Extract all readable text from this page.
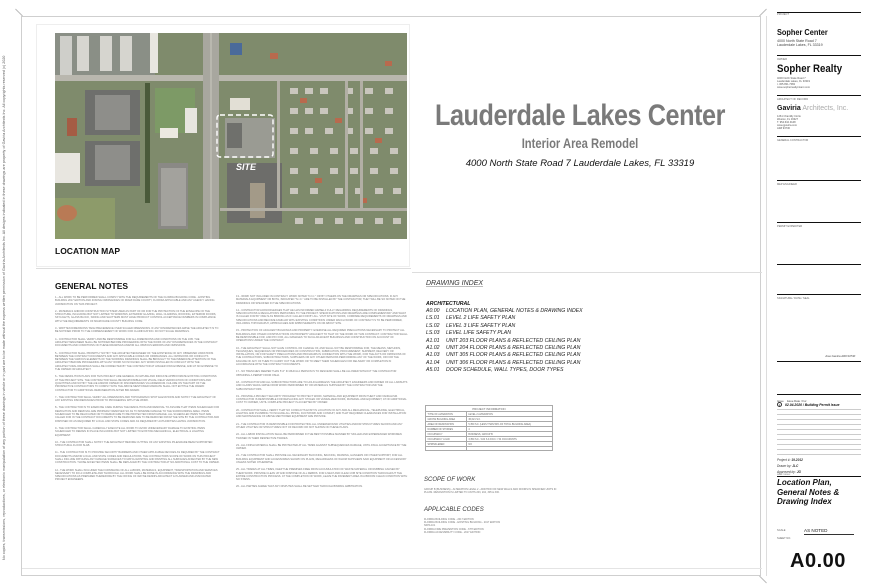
No copies, transmissions, reproductions, or electronic manipulation of any portion of these drawings in whole or in part are to be made without the express written permission of Gaviria Architects Inc. All designs indicated in these drawings are property of Gaviria Architects Inc. All copyrights reserved (c) 2020	SITE
LOCATION MAP
Lauderdale Lakes Center
Interior Area Remodel
4000 North State Road 7 Lauderdale Lakes, FL 33319
GENERAL NOTES

1.- ALL WORK TO BE PERFORMED SHALL COMPLY WITH THE REQUIREMENTS OF THE FLORIDA BUILDING CODE - EXISTING BUILDING 2017 EDITION AND ZONING ORDINANCES OF MIAMI DADE COUNTY, FLORIDA APPLICABLE AND ANY AGENCY HAVING JURISDICTION ON THIS PROJECT.

2.- MATERIALS AND/OR CONSTRUCTION SYSTEM USED AS PART OF OR FOR THE PROTECTION OF THE ENVELOPE OF THE STRUCTURE, INCLUDING BUT NOT LIMITED TO WINDOWS, EXTERIOR GLAZING, WALL CLADDING, ROOFING, EXTERIOR DOORS, SKYLIGHTS, GLASS BLOCK, SIDING AND SHUTTERS MUST HAVE PRODUCT CONTROL ACCEPTANCE NUMBERS IN COMPLIANCE WITH THE REQUIREMENTS OF MIAMI DADE COUNTY BUILDING CODE.

3.- WRITTEN DIMENSIONS TAKE PRECEDENCE OVER SCALED DIMENSIONS. IF ANY DISCREPANCIES ARISE THE ARCHITECT IS TO BE NOTIFIED PRIOR TO THE COMMENCEMENT OF WORK FOR CLARIFICATION. DO NOT SCALE DRAWINGS.

4.- CONTRACTOR SHALL VERIFY AND BE RESPONSIBLE FOR ALL DIMENSIONS AND CONDITIONS ON THE JOB. THE ARCHITECT/ENGINEER SHALL BE NOTIFIED BEFORE PROCEEDING WITH THE WORK OF ANY DISCREPANCIES IN THE CONTRACT DOCUMENTS AND CONDITIONS ON THESE DRAWINGS AND/OR ALL OBVIOUS ERRORS AND OMISSIONS.

5.- CONTRACTOR SHALL PROMPTLY NOTIFY THE ARCHITECT/ENGINEER OF THE EXISTENCE OF ANY OBSERVED VARIATIONS BETWEEN THE CONTRACT DOCUMENTS AND ANY APPLICABLE CODES OR ORDINANCES. ALL OMISSIONS OR CONFLICTS BETWEEN THE VARIOUS ELEMENTS OF THE WORKING DRAWINGS SHALL BE BROUGHT TO THE IMMEDIATE ATTENTION OF THE ARCHITECT BEFORE PROCEEDING WITH ANY WORK SO INVOLVED. ANY WORK INSTALLED IN CONFLICT WITH THE ARCHITECTURAL DRAWINGS SHALL BE CORRECTED BY THE CONTRACTOR AT HIS/HER OWN EXPENSE, AND AT NO EXPENSE TO THE OWNER OR ARCHITECT.

6.- THE DEMOLITION PLANS FOR THIS PROJECT ARE GENERAL IN NATURE AND INDICATE APPROXIMATE EXISTING CONDITIONS AT THE PROJECT SITE. THE CONTRACTOR SHALL BE RESPONSIBLE FOR VISUAL FIELD VERIFICATION OF CONDITIONS AND QUANTITIES AND NOTIFY THE A/E AND/OR OWNER OF DISCREPANCIES VIA ADDENDUM. FAILURE ON THE PART OF THE PROSPECTIVE CONTRACTORS TO COMPLY WITH THE ABOVE MENTIONED MANDATE SHALL NOT ENTITLE THE AWARD CONTRACTOR TO ADDITIONAL REMUNERATION AFTER BID AWARD.

7.- THE CONTRACTOR SHALL VERIFY ALL DIMENSIONS AND TOPOGRAPHIC SPOT ELEVATIONS AND NOTIFY THE ARCHITECT OF ANY EXISTING DISCREPANCIES PRIOR TO PROCEEDING WITH THE WORK.

8.- THE CONTRACTOR IS TO EXERCISE CARE DURING THE DEMOLITION AND REMOVAL TO ASSURE THAT ITEMS SCHEDULED FOR DEMOLITION AND REMOVAL ARE PROPERLY REMOVED SO AS TO MINIMIZE DAMAGE TO THE SURROUNDING AREA. ITEMS SCHEDULED TO BE RELOCATED OR TO REMAIN ARE TO BE PROTECTED FROM DAMAGE. ALL SCHEDULED ITEMS THAT ARE CALLED FOR IN THE CONTRACT DOCUMENTS TO BE REMOVED ARE TO BE REMOVED FROM THE SITE BY THE CONTRACTOR AND DISPOSED OF AS REQUIRED BY LOCAL AND STATE CODES AND AS REQUIRED BY AUTHORITIES HAVING JURISDICTION.

9.- THE CONTRACTOR SHALL CAREFULLY EXECUTE ALL WORK TO AVOID UNNECESSARY DAMAGE TO EXISTING ITEMS SCHEDULED TO REMAIN IN PLACE INCLUDING BUT NOT LIMITED TO EXISTING MECHANICAL, ELECTRICAL & LIGHTING EQUIPMENT.

10.- THE CONTRACTOR SHALL NOTIFY THE ARCHITECT BEFORE CUTTING OF ANY EXISTING PILE/GRADE BEAM SUPPORTED STRUCTURAL FLOOR SLAB.

11.- THE CONTRACTOR IS TO PROVIDE SECURITY BARRIERS AND OTHER APPLICABLE DEVICES AS REQUIRED BY THE CONTRACT DOCUMENTS AND/OR LOCAL AND STATE CODES AND REGULATIONS. THE CONTRACTORS SCOPE OF WORK ON THIS PROJECT SHALL INCLUDE PATCHING ANY DAMAGE SURFACES TO MATCH EXISTING AND PAINTING ALL SURFACES AFFECTED BY THE NEW CONSTRUCTION. THOSE AFFECTED ITEMS SHALL BE REPLACED BY THE CONTRACTOR AT NO ADDITIONAL COST TO THE OWNER.

12.- THE WORK SHALL INCLUDED THE FURNISHING OF ALL LABORS, MATERIALS, EQUIPMENT, TRANSPORTATION AND SERVICES NECESSARY TO DO A COMPLETE AND THOROUGH. ALL WORK SHALL BE DONE IN ACCORDANCE WITH THE DRAWINGS AND SPECIFICATIONS AS PREPARED THEREFORE BY THE OFFICE OF WAYNE DENNIS ARCHITECT & PLANNER AND ASSOCIATED PROJECT ENGINEERS.

13.- WORK NOT INCLUDED IN CONTRACT. WORK NOTED "N.I.C." OR BY OTHERS ON THE DRAWINGS OR SPECIFICATIONS. IF ANY MATERIALS EQUIPMENT OR BOTH, INDICATED "N.I.C." ARE TO BE INSTALLED BY THE CONTRACTOR, THEY WILL BE SO NOTED ON THE DRAWINGS OR SPECIFIED IN THE SPECIFICATIONS.

14.- CONTRACTOR ACKNOWLEDGES THAT HE HAS INFORMED HIMSELF FULLY REGARDING REQUIREMENTS OF DRAWINGS, SPECIFICATIONS & REGULATIONS PERTAINING TO THE PROJECT. SPECIFICATIONS AND DRAWINGS ARE COMPLEMENTARY AND WHAT IS CALLED FOR BY ONE IS AS BINDING AS IF CALLED FOR BY ALL. VISIT SITE OF WORK, COMPARE REQUIREMENTS OF DRAWINGS AND SPECIFICATIONS AND BECOME FAMILIAR WITH EXISTING CONDITIONS UNDER WHICH WORK OF CONTRACT IS TO BE PERFORMED, INCLUDING TOPOGRAPHY, APPROACHES AND IMPROVEMENTS ON OR ABOUT SITE.

15.- PROTECTION OF ADJACENT BUILDINGS AND PROPERTY. EXERCISE ALL REQUIRED PRECAUTIONS NECESSARY TO PROTECT ALL BUILDINGS AND OTHER CONSTRUCTIONS ON PROPERTY ADJACENT TO THAT OF THE WORK OF THIS CONTRACT. CONTRACTOR SHALL BE RESPONSIBLE FOR, AND PAY FOR, ALL DAMAGES TO SUCH ADJACENT BUILDINGS AND CONSTRUCTION ON ACCOUNT OF OPERATIONS UNDER THE CONTRACT.

16.- THE ARCHITECT SHALL NOT HAVE CONTROL OR CHARGE OF, AND SHALL NOT BE RESPONSIBLE FOR, THE MEANS, METHODS, TECHNIQUES, SEQUENCES OR PROCEDURES OF CONSTRUCTION, FABRICATION, PROCUREMENT, SHIPMENT, DELIVERY OR INSTALLATION, OR FOR SAFETY PRECAUTIONS AND PROGRAMS IN CONNECTION WITH THE WORK, FOR THE ACTS OR OMISSIONS OF THE CONTRACTORS, SUBCONTRACTORS, SUPPLIERS OR ANY OTHER PERSONS PERFORMING ANY OF THE WORK, OR FOR THE FAILURE OF ANY OF THEM TO CARRY OUT THE WORK OR TO MEET THEIR SCHEDULES FOR DELIVERY OR COMPLETION IN ACCORDANCE WITH THE CONTRACT DOCUMENTS.

17.- NO TRENCHES DEEPER THAN 5'-0" IN WHICH A PERSON IS TO DESCEND SHALL BE ALLOWED WITHOUT THE CONTRACTOR OBTAINING A PERMIT FROM OSHA.

18.- CONTRACTOR AND ALL SUBCONTRACTORS ARE TO HOLD HARMLESS THE ARCHITECT, ENGINEERS AND OWNER OF ALL LAWSUITS AND CLAIMS WHICH ARISE FROM WORK PERFORMED BY OR MATERIALS SUPPLIED BY THE CONTRACTOR AND THE SUBCONTRACTORS.

19.- PROVIDE A PROJECT SECURITY PROGRAM TO PROTECT WORK, MATERIAL AND EQUIPMENT FROM THEFT AND VANDALISM. CONTRACTOR IS RESPONSIBLE FOR REPLACING ANY STOLEN OR VANDALIZED WORK, MATERIAL AND EQUIPMENT, AT NO ADDITIONAL COST TO OWNER, UNTIL COMPLETE PROJECT IS ACCEPTED BY OWNER.

20.- CONTRACTOR SHALL VERIFY THAT NO CONFLICTS EXIST IN LOCATION OF ANY AND ALL MECHANICAL, TELEPHONE, ELECTRICAL, LIGHTING AND PLUMBING TO INCLUDE ALL PIPING, DUCTWORK AND CONDUIT, AND THAT REQUIRED CLEARANCES FOR INSTALLATION AND MAINTENANCE OF ABOVE MENTIONED EQUIPMENT ARE PROVIDE.

21.- THE CONTRACTOR IS RESPONSIBLE FOR PROTECTING ALL UNDERGROUND UTILITIES AND/OR STRUCTURES SHOWN AND ANY OTHER UTILITIES OR STRUCTURES NOT OF RECORD OR NOT SHOWN ON THESE PLANS.

22.- ALL LABOR INSTALLATION SHALL BE PERFORMED IN THE BEST POSSIBLE MANNER BY SKILLED AND EXPERIENCED WORKMEN TRAINED IN THEIR RESPECTIVE TRADES.

23.- ALL FINISH MATERIAL SHALL BE PROTECTED AT ALL TIMES AGAINST SUBSEQUENCES DAMAGE, UNTIL FINAL ACCEPTANCE BY THE OWNER.

24.- THE CONTRACTOR SHALL PROVIDE ALL NECESSARY BLOCKING, BACKING, FRAMING, HANGERS OR OTHER SUPPORT, FOR ALL BUILDING EQUIPMENT AND ACCESSORIES SHOWN ON PLANS, REGARDLESS OF WHOM SUPPLIERS SAID EQUIPMENT OR ACCESSORY UNLESS NOTED OTHERWISE.

25.- ALL TRADES AT ALL TIMES, KEEP THE PREMISES FREE FROM ACCUMULATION OF WASTE MATERIAL OR RUBBISH CAUSED BY THEIR WORK. PROVIDE CLEAN UP AND DISPOSE OF ALL DEBRIS. FOR A NEAT AND CLEAN JOB SITE CONDITION THROUGHOUT THE ENTIRE CONSTRUCTION PROCESS. AT THE COMPLETION OF WORK, LEAVE THE PAVEMENT AREA IN A BROOM CLEAN CONDITION WITH NO STAINS.

26.- ALL PARTIES AGREE THAT ANY DISPUTES SHALL BE SETTLED THROUGH BINDING ARBITRATION.

DRAWING INDEX
ARCHITECTURAL
A0.00	LOCATION PLAN, GENERAL NOTES & DRAWING INDEX
LS.01	LEVEL 2 LIFE SAFETY PLAN
LS.02	LEVEL 3 LIFE SAFETY PLAN
LS.03	LEVEL LIFE SAFETY PLAN
A1.01	UNIT 203 FLOOR PLANS & REFLECTED CEILING PLAN
A1.02	UNIT 204 FLOOR PLANS & REFLECTED CEILING PLAN
A1.03	UNIT 305 FLOOR PLANS & REFLECTED CEILING PLAN
A1.04	UNIT 306 FLOOR PLANS & REFLECTED CEILING PLAN
A5.01	DOOR SCHEDULE, WALL TYPES, DOOR TYPES
PROJECT INFORMATION	
TYPE OF ALTERATION	LEVEL 2 ALTERATION
GROSS BUILDING AREA	36,621 S.F.
AREA OF RENOVATION	5,350 S.F. (LESS THAN 50% OF TOTAL BUILDING AREA)
NUMBER OF STORIES	4
OCCUPANCY	BUSINESS, GROUP B
OCCUPANCY LOAD	3,350 S.F. / 100 S.F./OCC = 54 OCCUPANTS
SPRINKLERED	NO

SCOPE OF WORK
GROUP B (BUSINESS) - ALTERATION LEVEL 2 - ADDITION OF NEW WALLS AND DOORS IN SPECIFIED UNITS IN PLANS. RENOVATION IS LIMITED TO UNITS 203, 204, 305 & 306.
APPLICABLE CODES
FLORIDA BUILDING CODE - 2017 EDITION
FLORIDA BUILDING CODE - EXISTING BUILDING - 2017 EDITION
NFPA 101
FLORIDA FIRE PREVENTION CODE - 6TH EDITION
FLORIDA ACCESSIBILITY CODE - 2017 EDITION
PROJECT
Sopher Center
4000 North State Road 7
Lauderdale Lakes, FL 33319
OWNER
Sopher Realty
4000 North State Road 7
Lauderdale Lakes, FL 33319
t. 305.831.7082
www.sopherrealtymiami.com
ARCHITECT OF RECORD
Gaviria Architects, Inc.
1261 Chantilly Circle
Weston, FL 33327
T. 954.610.9148
www.jgaviria.com
AR# 93730
GENERAL CONTRACTOR
MEP ENGINEER
PERMIT EXPEDITER
SIGNATURE / DATE / SEAL
Jose Gaviria AR# 93730
Issue Issue Date / For
1	02.04.2020 / Building Permit Issue
Project #: 19.2012
Drawn by: JLC
Approved by: JG
SHEET INDEX
Location Plan, General Notes & Drawing Index
SCALE	AS NOTED
SHEET NO.
A0.00
